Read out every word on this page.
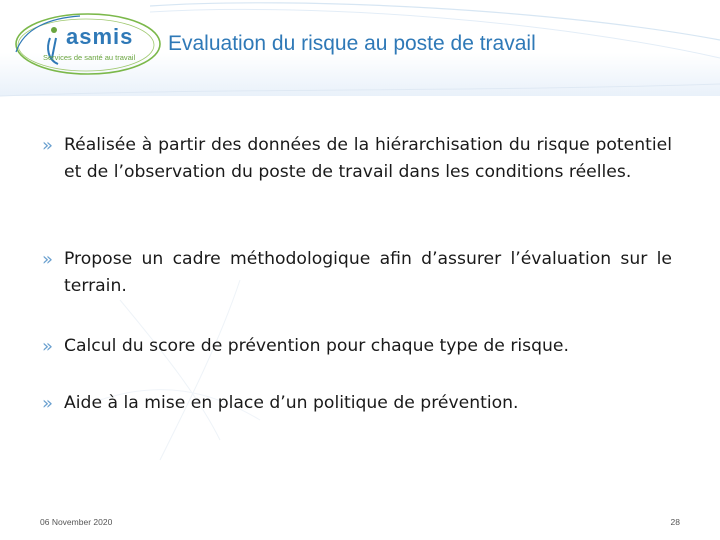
asmis
Services de santé au travail
Evaluation du risque au poste de travail
» Réalisée à partir des données de la hiérarchisation du risque potentiel et de l’observation du poste de travail dans les conditions réelles.
» Propose un cadre méthodologique afin d’assurer l’évaluation sur le terrain.
» Calcul du score de prévention pour chaque type de risque.
» Aide à la mise en place d’un politique de prévention.
06 November 2020	28
